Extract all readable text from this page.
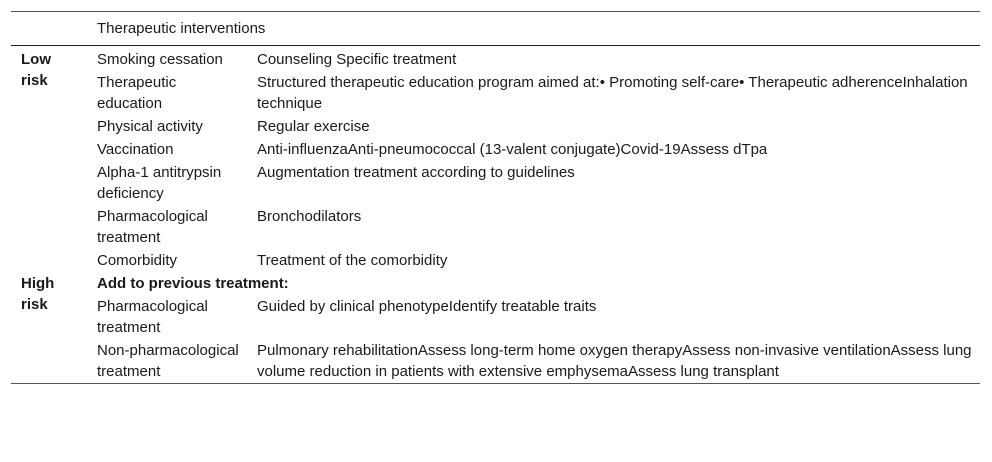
	Therapeutic interventions	
Low risk	Smoking cessation	Counseling Specific treatment
	Therapeutic education	Structured therapeutic education program aimed at:• Promoting self-care• Therapeutic adherenceInhalation technique
	Physical activity	Regular exercise
	Vaccination	Anti-influenzaAnti-pneumococcal (13-valent conjugate)Covid-19Assess dTpa
	Alpha-1 antitrypsin deficiency	Augmentation treatment according to guidelines
	Pharmacological treatment	Bronchodilators
	Comorbidity	Treatment of the comorbidity
High risk	Add to previous treatment:	
	Pharmacological treatment	Guided by clinical phenotypeIdentify treatable traits
	Non-pharmacological treatment	Pulmonary rehabilitationAssess long-term home oxygen therapyAssess non-invasive ventilationAssess lung volume reduction in patients with extensive emphysemaAssess lung transplant
